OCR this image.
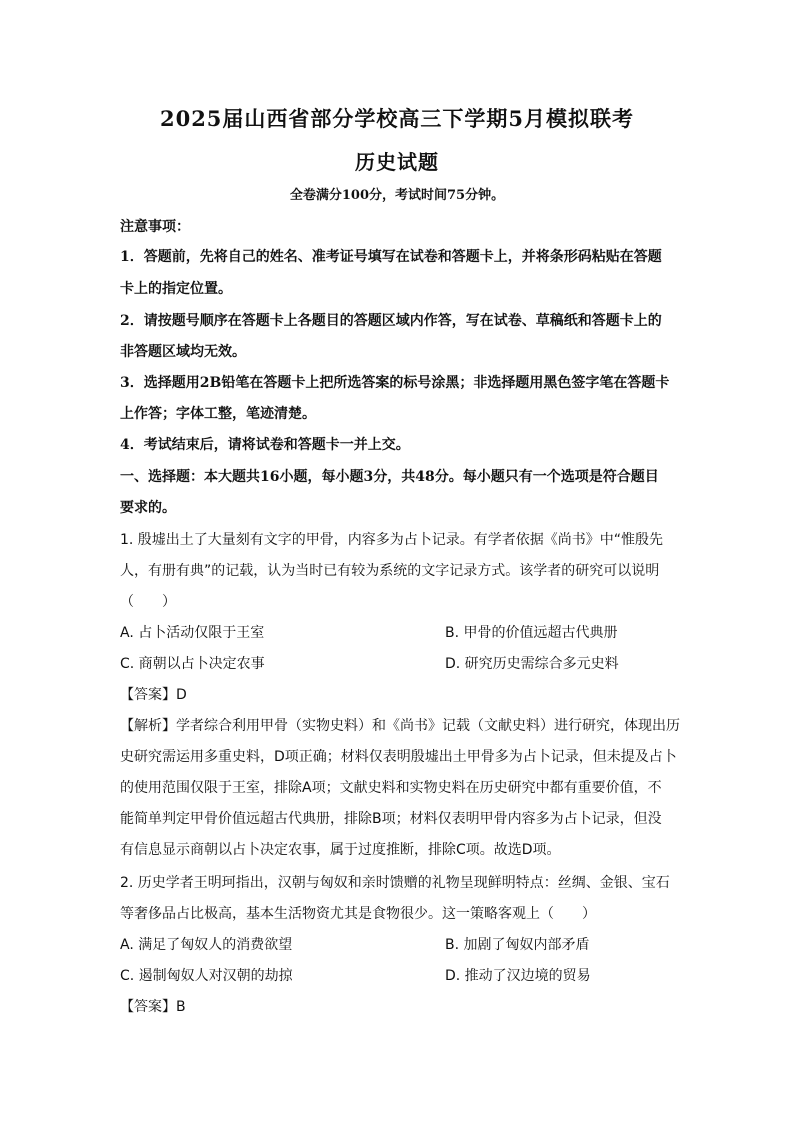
2025届山西省部分学校高三下学期5月模拟联考
历史试题
全卷满分100分，考试时间75分钟。
注意事项：
1．答题前，先将自己的姓名、准考证号填写在试卷和答题卡上，并将条形码粘贴在答题
卡上的指定位置。
2．请按题号顺序在答题卡上各题目的答题区域内作答，写在试卷、草稿纸和答题卡上的
非答题区域均无效。
3．选择题用2B铅笔在答题卡上把所选答案的标号涂黑；非选择题用黑色签字笔在答题卡
上作答；字体工整，笔迹清楚。
4．考试结束后，请将试卷和答题卡一并上交。
一、选择题：本大题共16小题，每小题3分，共48分。每小题只有一个选项是符合题目
要求的。
1. 殷墟出土了大量刻有文字的甲骨，内容多为占卜记录。有学者依据《尚书》中“惟殷先
人，有册有典”的记载，认为当时已有较为系统的文字记录方式。该学者的研究可以说明
（　　）
A. 占卜活动仅限于王室	B. 甲骨的价值远超古代典册
C. 商朝以占卜决定农事	D. 研究历史需综合多元史料
【答案】D
【解析】学者综合利用甲骨（实物史料）和《尚书》记载（文献史料）进行研究，体现出历
史研究需运用多重史料，D项正确；材料仅表明殷墟出土甲骨多为占卜记录，但未提及占卜
的使用范围仅限于王室，排除A项；文献史料和实物史料在历史研究中都有重要价值，不
能简单判定甲骨价值远超古代典册，排除B项；材料仅表明甲骨内容多为占卜记录，但没
有信息显示商朝以占卜决定农事，属于过度推断，排除C项。故选D项。
2. 历史学者王明珂指出，汉朝与匈奴和亲时馈赠的礼物呈现鲜明特点：丝绸、金银、宝石
等奢侈品占比极高，基本生活物资尤其是食物很少。这一策略客观上（　　）
A. 满足了匈奴人的消费欲望	B. 加剧了匈奴内部矛盾
C. 遏制匈奴人对汉朝的劫掠	D. 推动了汉边境的贸易
【答案】B
